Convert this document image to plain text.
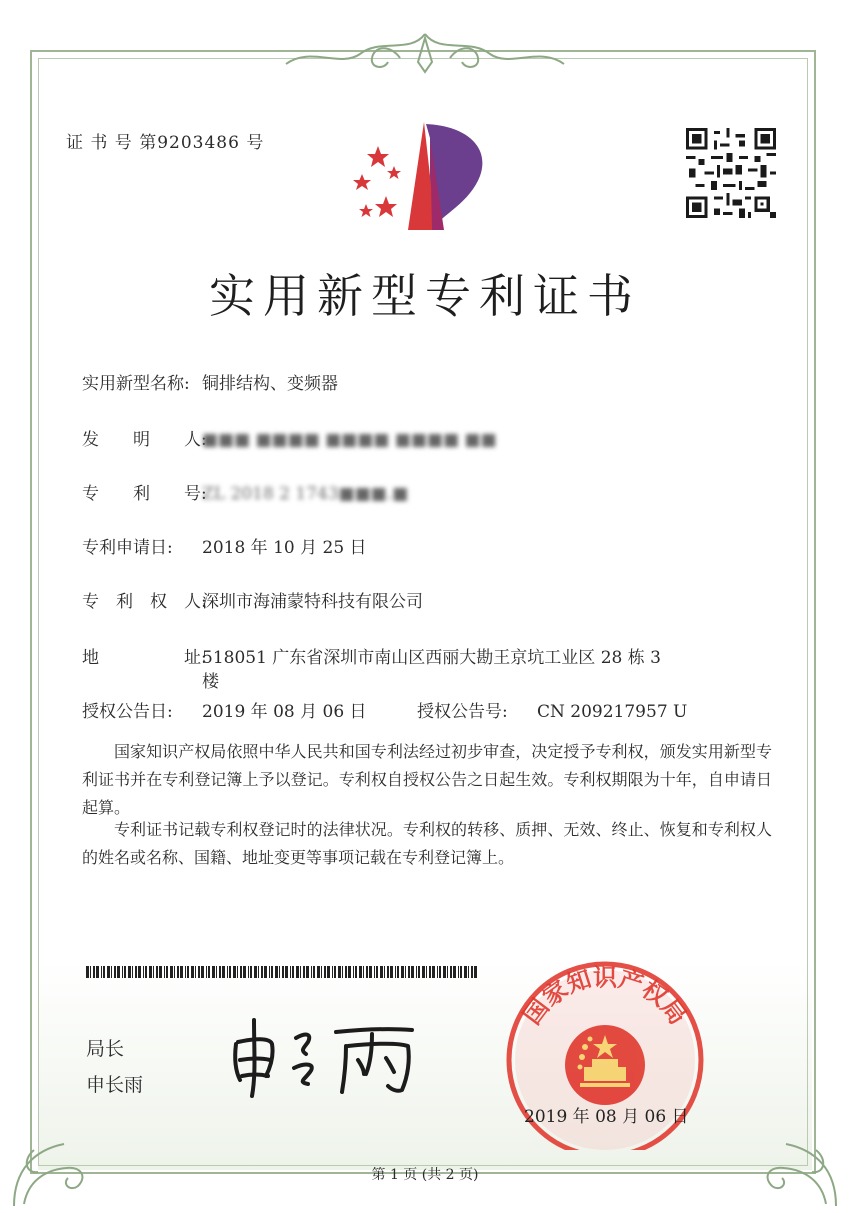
证 书 号 第9203486 号
实用新型专利证书
实用新型名称: 铜排结构、变频器
发　　明　　人:
■■■ ■■■■ ■■■■ ■■■■ ■■
专　　利　　号:
ZL 2018 2 1743■■■.■
专利申请日: 2018 年 10 月 25 日
专　利　权　人:
深圳市海浦蒙特科技有限公司
地　　　　　址:
518051 广东省深圳市南山区西丽大勘王京坑工业区 28 栋 3 楼
授权公告日: 2019 年 08 月 06 日	授权公告号: CN 209217957 U
国家知识产权局依照中华人民共和国专利法经过初步审查，决定授予专利权，颁发实用新型专利证书并在专利登记簿上予以登记。专利权自授权公告之日起生效。专利权期限为十年，自申请日起算。
专利证书记载专利权登记时的法律状况。专利权的转移、质押、无效、终止、恢复和专利权人的姓名或名称、国籍、地址变更等事项记载在专利登记簿上。
局长
申长雨
国家知识产权局
2019 年 08 月 06 日
第 1 页 (共 2 页)
